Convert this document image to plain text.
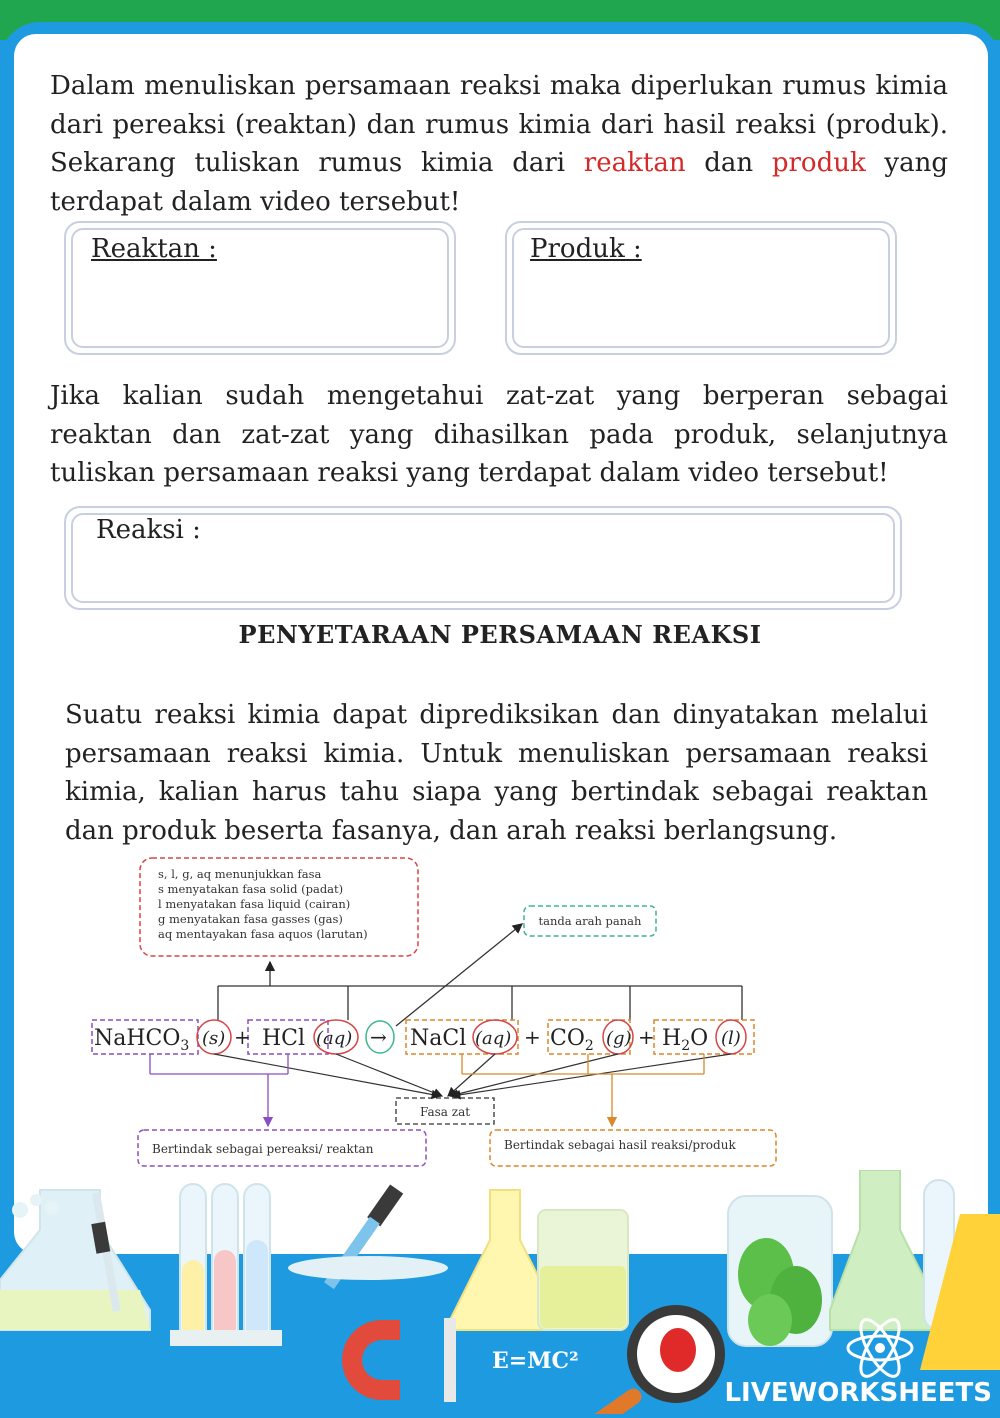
Dalam menuliskan persamaan reaksi maka diperlukan rumus kimia dari pereaksi (reaktan) dan rumus kimia dari hasil reaksi (produk). Sekarang tuliskan rumus kimia dari reaktan dan produk yang terdapat dalam video tersebut!
Reaktan :	Produk :
Jika kalian sudah mengetahui zat-zat yang berperan sebagai reaktan dan zat-zat yang dihasilkan pada produk, selanjutnya tuliskan persamaan reaksi yang terdapat dalam video tersebut!
Reaksi :
PENYETARAAN PERSAMAAN REAKSI
Suatu reaksi kimia dapat diprediksikan dan dinyatakan melalui persamaan reaksi kimia. Untuk menuliskan persamaan reaksi kimia, kalian harus tahu siapa yang bertindak sebagai reaktan dan produk beserta fasanya, dan arah reaksi berlangsung.
s, l, g, aq menunjukkan fasa
s menyatakan fasa solid (padat)
l menyatakan fasa liquid (cairan)
g menyatakan fasa gasses (gas)
aq mentayakan fasa aquos (larutan)
tanda arah panah
NaHCO$_3$ (s) + HCl (aq) → NaCl $(aq) + CO_2$ $(g) + H_2O$ (l)
Fasa zat
Bertindak sebagai pereaksi/ reaktan	Bertindak sebagai hasil reaksi/produk
E=MC²
LIVEWORKSHEETS
